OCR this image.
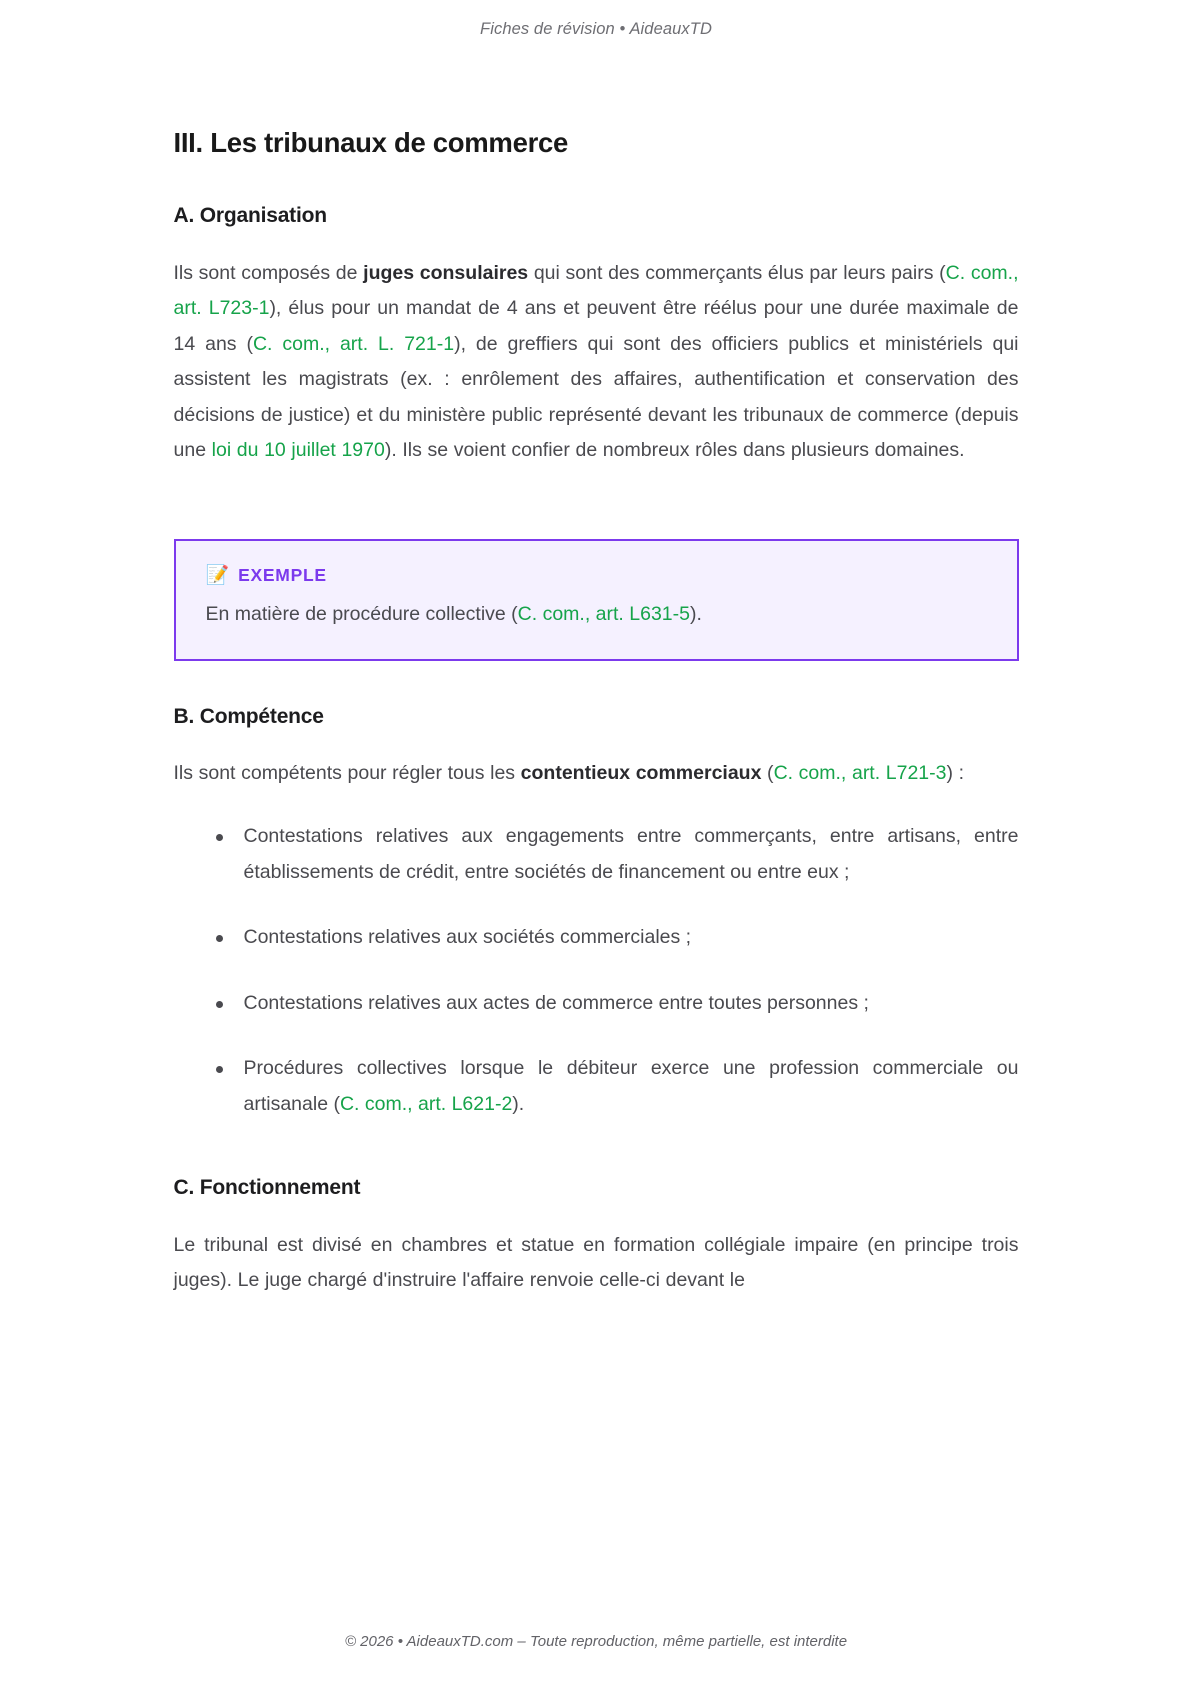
Fiches de révision • AideauxTD
III. Les tribunaux de commerce
A. Organisation

Ils sont composés de juges consulaires qui sont des commerçants élus par leurs pairs (C. com., art. L723-1), élus pour un mandat de 4 ans et peuvent être réélus pour une durée maximale de 14 ans (C. com., art. L. 721-1), de greffiers qui sont des officiers publics et ministériels qui assistent les magistrats (ex. : enrôlement des affaires, authentification et conservation des décisions de justice) et du ministère public représenté devant les tribunaux de commerce (depuis une loi du 10 juillet 1970). Ils se voient confier de nombreux rôles dans plusieurs domaines.

📝 EXEMPLE

En matière de procédure collective (C. com., art. L631-5).

B. Compétence

Ils sont compétents pour régler tous les contentieux commerciaux (C. com., art. L721-3) :

Contestations relatives aux engagements entre commerçants, entre artisans, entre établissements de crédit, entre sociétés de financement ou entre eux ;
Contestations relatives aux sociétés commerciales ;
Contestations relatives aux actes de commerce entre toutes personnes ;
Procédures collectives lorsque le débiteur exerce une profession commerciale ou artisanale (C. com., art. L621-2).
C. Fonctionnement

Le tribunal est divisé en chambres et statue en formation collégiale impaire (en principe trois juges). Le juge chargé d'instruire l'affaire renvoie celle-ci devant le

© 2026 • AideauxTD.com – Toute reproduction, même partielle, est interdite
